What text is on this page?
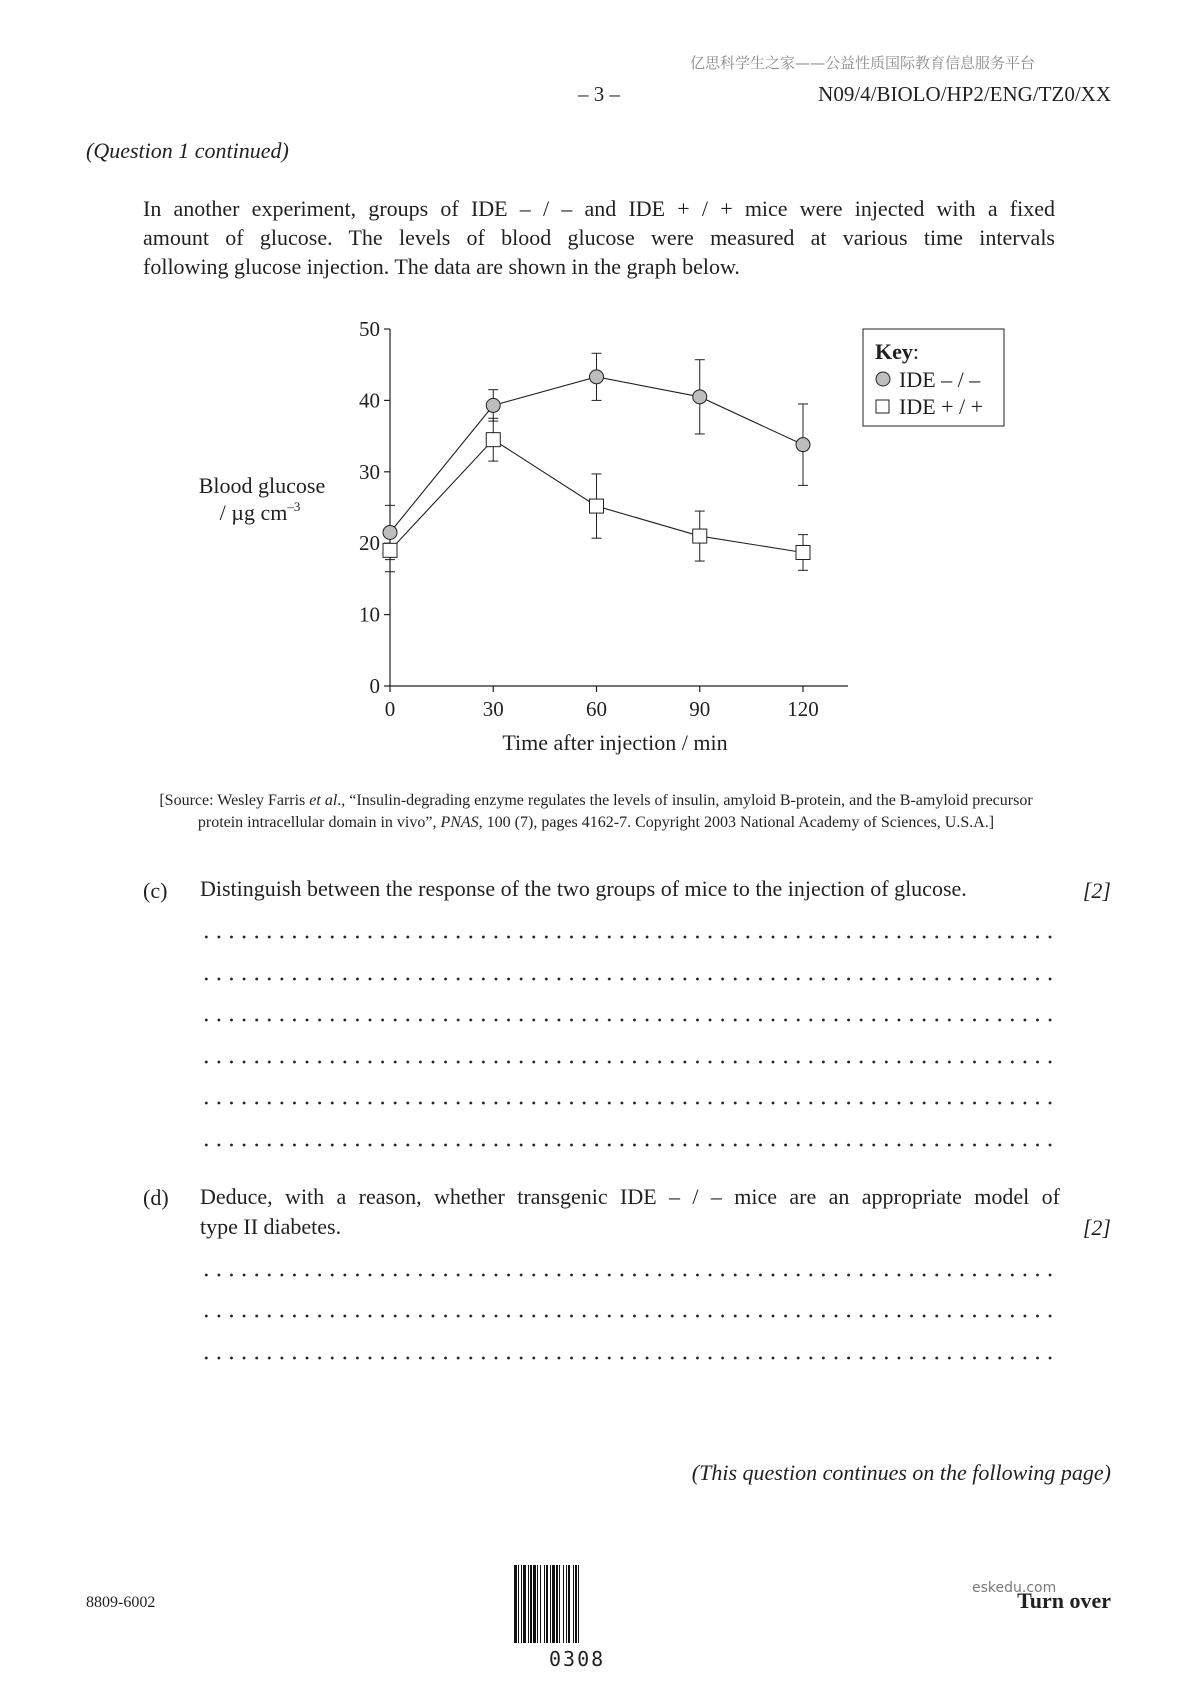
亿思科学生之家——公益性质国际教育信息服务平台
– 3 –	N09/4/BIOLO/HP2/ENG/TZ0/XX
(Question 1 continued)
In another experiment, groups of IDE – / – and IDE + / + mice were injected with a fixed
amount of glucose. The levels of blood glucose were measured at various time intervals
following glucose injection. The data are shown in the graph below.
0
10
20
30
40
50
0	30	60	90	120
Blood glucose
/ µg $cm^{-3}$
Time after injection / min
Key:
IDE – / –
IDE + / +
[Source: Wesley Farris et al., “Insulin-degrading enzyme regulates the levels of insulin, amyloid B-protein, and the B-amyloid precursor
protein intracellular domain in vivo”, PNAS, 100 (7), pages 4162-7. Copyright 2003 National Academy of Sciences, U.S.A.]
(c) Distinguish between the response of the two groups of mice to the injection of glucose.	[2]
(d) Deduce, with a reason, whether transgenic IDE – / – mice are an appropriate model of
type II diabetes.	[2]
(This question continues on the following page)
8809-6002
0308
eskedu.com
Turn over
